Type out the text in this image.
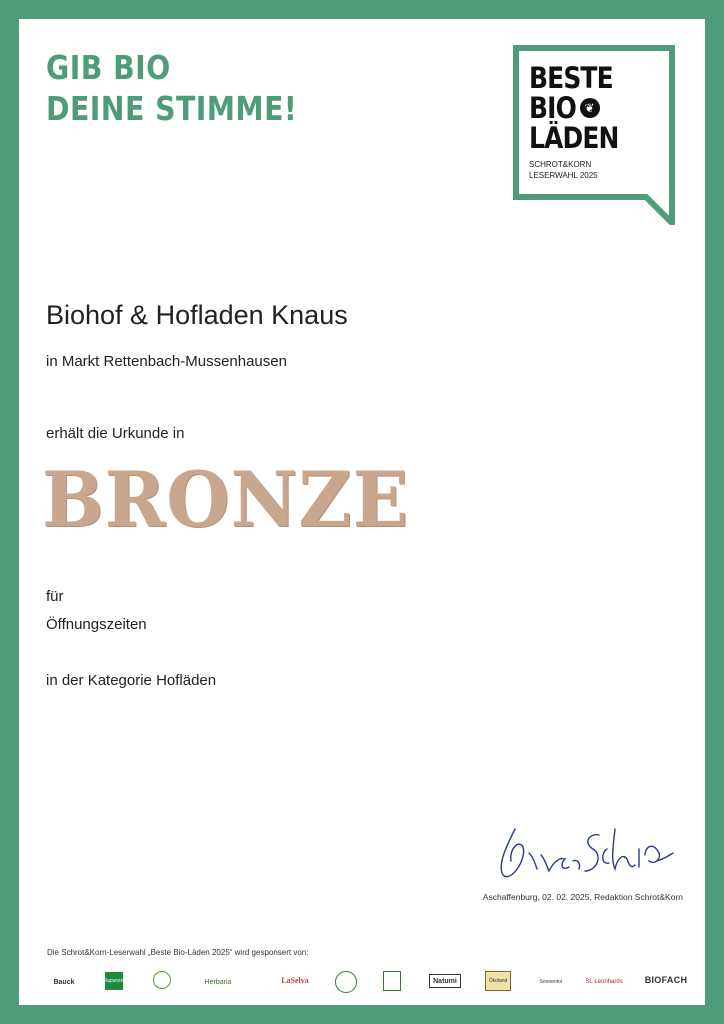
GIB BIO
DEINE STIMME!
BESTE
BIO ❦
LÄDEN
SCHROT&KORN
LESERWAHL 2025
Biohof & Hofladen Knaus
in Markt Rettenbach-Mussenhausen
erhält die Urkunde in
BRONZE
für
Öffnungszeiten
in der Kategorie Hofläden
Aschaffenburg, 02. 02. 2025, Redaktion Schrot&Korn
Die Schrot&Korn-Leserwahl „Beste Bio-Läden 2025“ wird gesponsert von:
Bauck	Rapunzel	Herbaria	LaSelva	Natumi	Ökoland	Sonnentor	St. Leonhards BIOFACH
